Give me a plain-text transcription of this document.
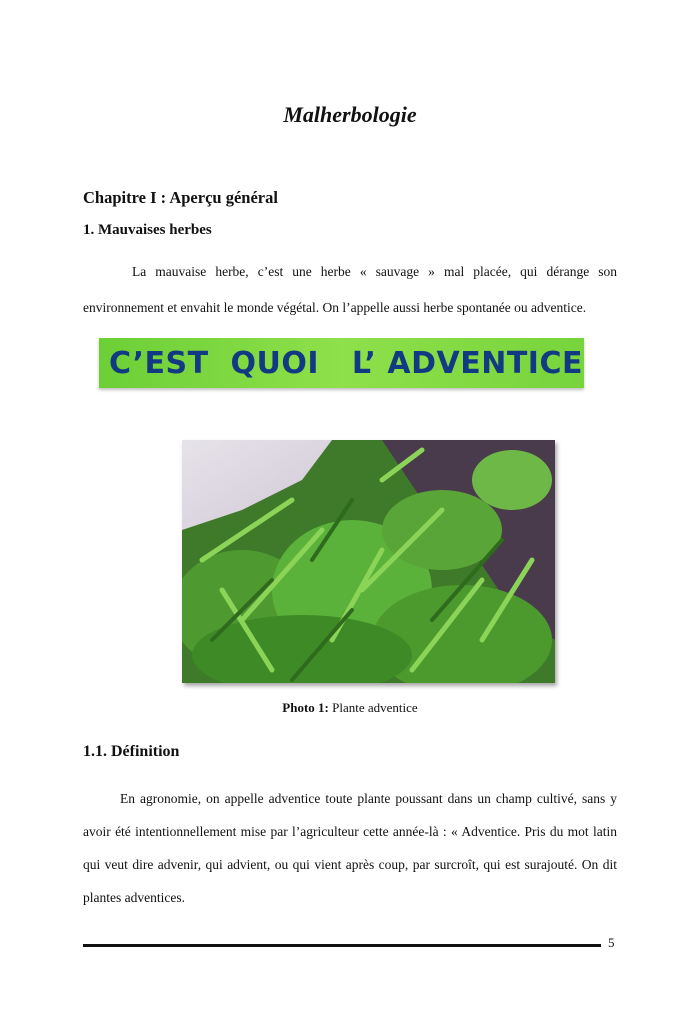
Malherbologie
Chapitre I : Aperçu général
1. Mauvaises herbes

La mauvaise herbe, c’est une herbe « sauvage » mal placée, qui dérange son environnement et envahit le monde végétal. On l’appelle aussi herbe spontanée ou adventice.

C’EST  QUOI   L’ ADVENTICE
Photo 1: Plante adventice
1.1. Définition

En agronomie, on appelle adventice toute plante poussant dans un champ cultivé, sans y avoir été intentionnellement mise par l’agriculteur cette année-là : « Adventice. Pris du mot latin qui veut dire advenir, qui advient, ou qui vient après coup, par surcroît, qui est surajouté. On dit plantes adventices.

5
